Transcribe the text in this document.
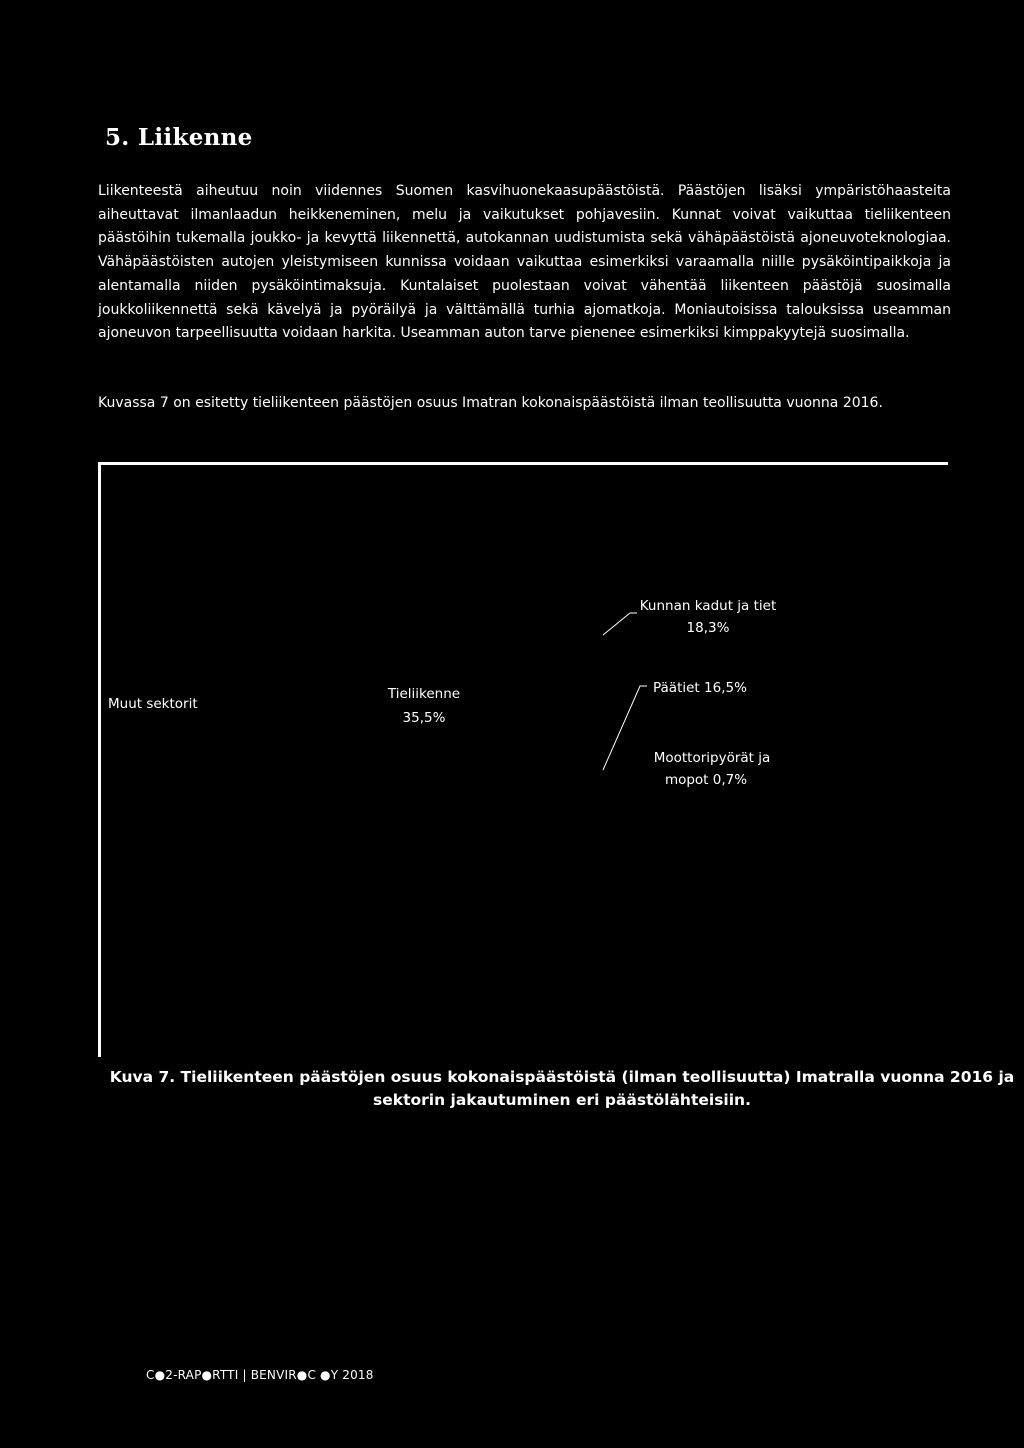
5. Liikenne

Liikenteestä aiheutuu noin viidennes Suomen kasvihuonekaasupäästöistä. Päästöjen lisäksi ympäristöhaasteita aiheuttavat ilmanlaadun heikkeneminen, melu ja vaikutukset pohjavesiin. Kunnat voivat vaikuttaa tieliikenteen päästöihin tukemalla joukko- ja kevyttä liikennettä, autokannan uudistumista sekä vähäpäästöistä ajoneuvoteknologiaa. Vähäpäästöisten autojen yleistymiseen kunnissa voidaan vaikuttaa esimerkiksi varaamalla niille pysäköintipaikkoja ja alentamalla niiden pysäköintimaksuja. Kuntalaiset puolestaan voivat vähentää liikenteen päästöjä suosimalla joukkoliikennettä sekä kävelyä ja pyöräilyä ja välttämällä turhia ajomatkoja. Moniautoisissa talouksissa useamman ajoneuvon tarpeellisuutta voidaan harkita. Useamman auton tarve pienenee esimerkiksi kimppakyytejä suosimalla.

Kuvassa 7 on esitetty tieliikenteen päästöjen osuus Imatran kokonaispäästöistä ilman teollisuutta vuonna 2016.

Muut sektorit
Tieliikenne
35,5%
Kunnan kadut ja tiet
18,3%
Päätiet 16,5%
Moottoripyörät ja
mopot 0,7%

Kuva 7. Tieliikenteen päästöjen osuus kokonaispäästöistä (ilman teollisuutta) Imatralla vuonna 2016 ja
sektorin jakautuminen eri päästölähteisiin.

C●2-RAP●RTTI | BENVIR●C ●Y 2018
